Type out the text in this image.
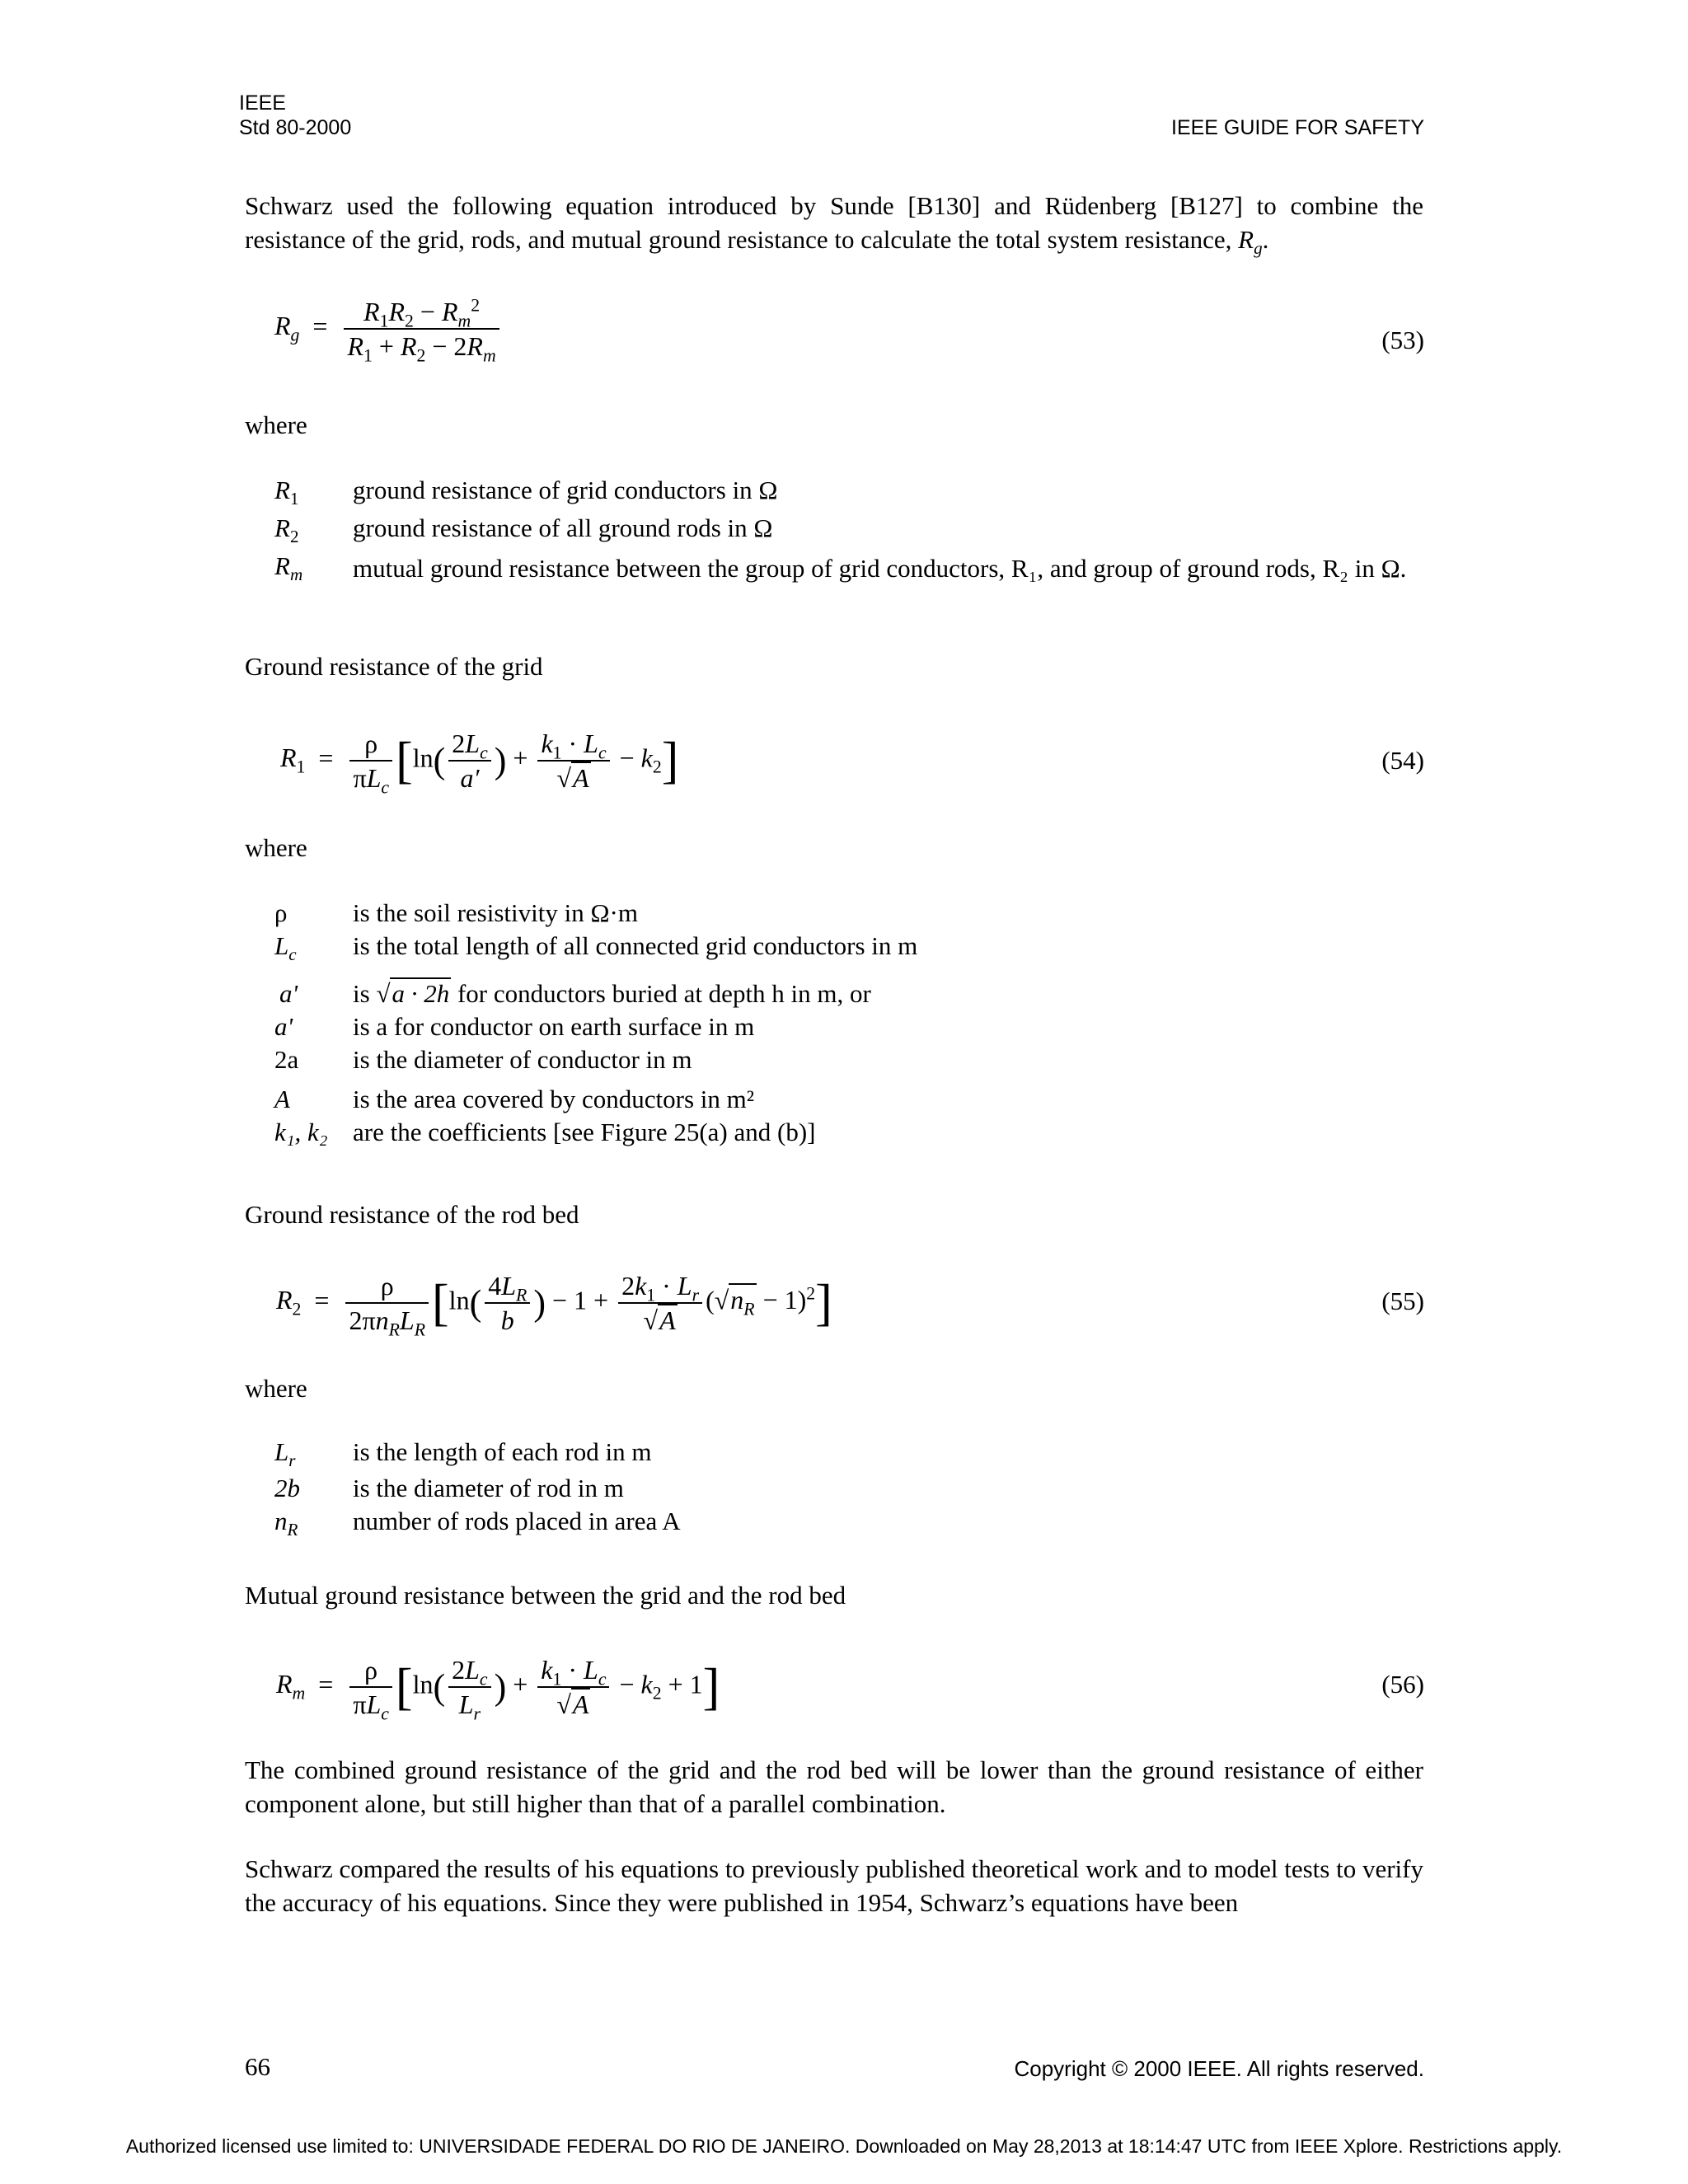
IEEE
Std 80-2000	IEEE GUIDE FOR SAFETY
Schwarz used the following equation introduced by Sunde [B130] and Rüdenberg [B127] to combine the resistance of the grid, rods, and mutual ground resistance to calculate the total system resistance, $R_g$.
$R_g = \frac{R_1R_2 - R_m^2}{R_1 + R_2 - 2R_m}$	(53)
where
$R_1$ ground resistance of grid conductors in Ω
$R_2$ ground resistance of all ground rods in Ω
$R_m$ mutual ground resistance between the group of grid conductors, R₁, and group of ground rods, R₂ in Ω.
Ground resistance of the grid
$R_1 = \frac{\rho}{\pi L_c} [\ln( \frac{2L_c}{a'}$ ) + $\frac{k_1 \cdot L_c}{√A} - k_2$]	(54)
where
ρ	is the soil resistivity in Ω·m
$L_c$ is the total length of all connected grid conductors in m
a' is √a · 2h for conductors buried at depth h in m, or
a' is a for conductor on earth surface in m
2a is the diameter of conductor in m
A is the area covered by conductors in m²
k₁, k₂ are the coefficients [see Figure 25(a) and (b)]
Ground resistance of the rod bed
$R_2 = \frac{\rho}{2\pi n_RL_R} [\ln( \frac{4L_R}{b}$ ) − $1 + \frac{2k_1 \cdot L_r}{√A} (√n_R - 1)^2$]	(55)
where
$L_r$ is the length of each rod in m
2b is the diameter of rod in m
$n_R$ number of rods placed in area A
Mutual ground resistance between the grid and the rod bed
$R_m = \frac{\rho}{\pi L_c} [\ln( \frac{2L_c}{L_r}$ ) + $\frac{k_1 \cdot L_c}{√A} - k_2 + 1$]	(56)
The combined ground resistance of the grid and the rod bed will be lower than the ground resistance of either component alone, but still higher than that of a parallel combination.
Schwarz compared the results of his equations to previously published theoretical work and to model tests to verify the accuracy of his equations. Since they were published in 1954, Schwarz’s equations have been
66	Copyright © 2000 IEEE. All rights reserved.
Authorized licensed use limited to: UNIVERSIDADE FEDERAL DO RIO DE JANEIRO. Downloaded on May 28,2013 at 18:14:47 UTC from IEEE Xplore. Restrictions apply.
